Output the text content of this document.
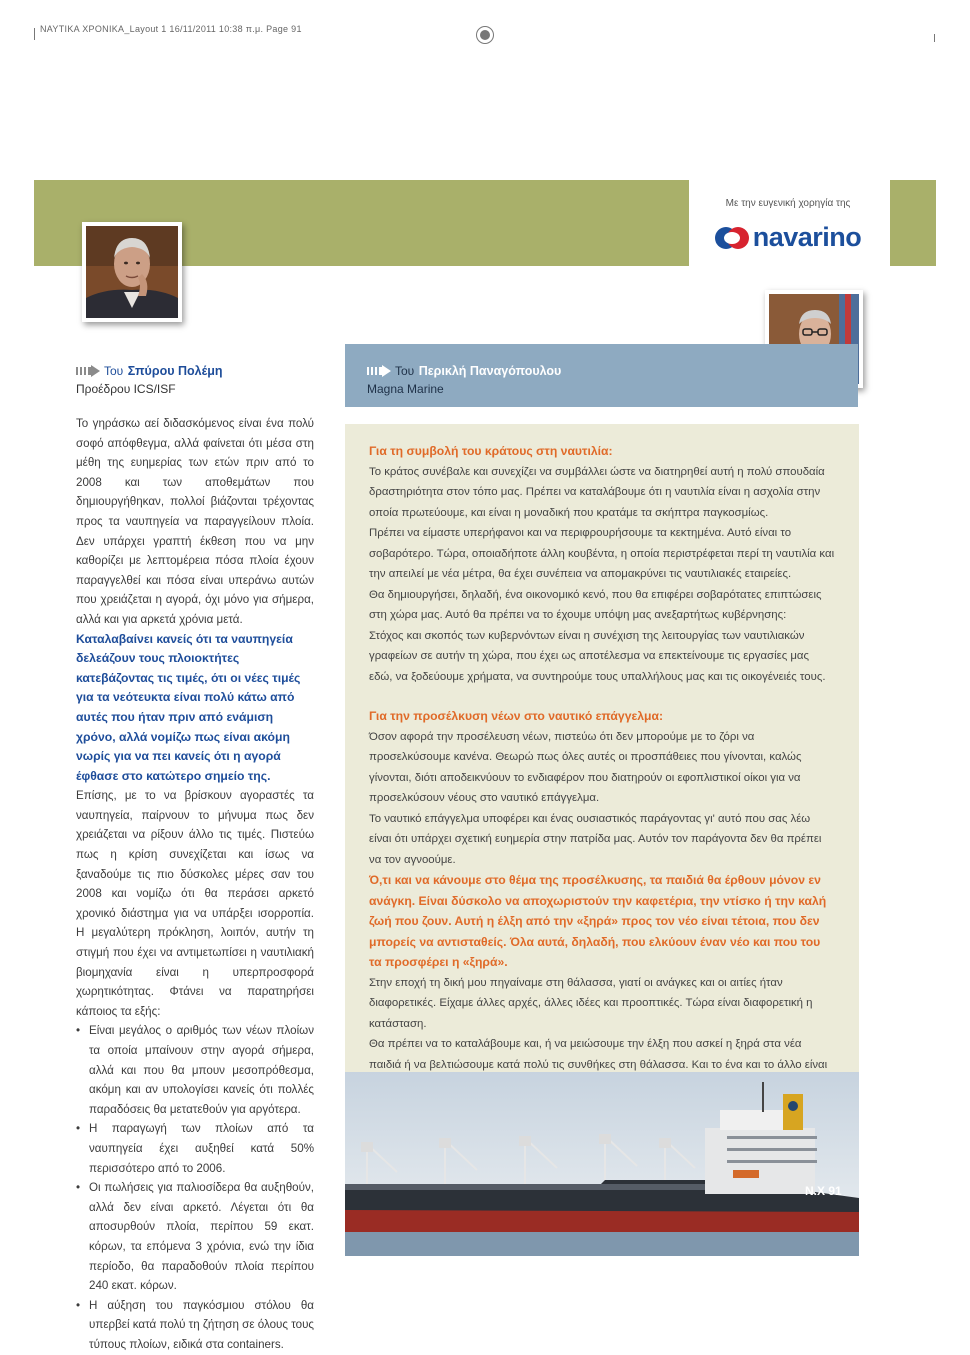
ΝΑΥΤΙΚΑ ΧΡΟΝΙΚΑ_Layout 1 16/11/2011 10:38 π.μ. Page 91
Με την ευγενική χορηγία της
navarino
Του Σπύρου Πολέμη
Προέδρου ICS/ISF

Το γηράσκω αεί διδασκόμενος είναι ένα πολύ σοφό απόφθεγμα, αλλά φαίνεται ότι μέσα στη μέθη της ευημερίας των ετών πριν από το 2008 και των αποθεμάτων που δημιουργήθηκαν, πολλοί βιάζονται τρέχοντας προς τα ναυπηγεία να παραγγείλουν πλοία. Δεν υπάρχει γραπτή έκθεση που να μην καθορίζει με λεπτομέρεια πόσα πλοία έχουν παραγγελθεί και πόσα είναι υπεράνω αυτών που χρειάζεται η αγορά, όχι μόνο για σήμερα, αλλά και για αρκετά χρόνια μετά.

Καταλαβαίνει κανείς ότι τα ναυπηγεία δελεάζουν τους πλοιοκτήτες κατεβάζοντας τις τιμές, ότι οι νέες τιμές για τα νεότευκτα είναι πολύ κάτω από αυτές που ήταν πριν από ενάμιση χρόνο, αλλά νομίζω πως είναι ακόμη νωρίς για να πει κανείς ότι η αγορά έφθασε στο κατώτερο σημείο της.

Επίσης, με το να βρίσκουν αγοραστές τα ναυπηγεία, παίρνουν το μήνυμα πως δεν χρειάζεται να ρίξουν άλλο τις τιμές. Πιστεύω πως η κρίση συνεχίζεται και ίσως να ξαναδούμε τις πιο δύσκολες μέρες σαν του 2008 και νομίζω ότι θα περάσει αρκετό χρονικό διάστημα για να υπάρξει ισορροπία. Η μεγαλύτερη πρόκληση, λοιπόν, αυτήν τη στιγμή που έχει να αντιμετωπίσει η ναυτιλιακή βιομηχανία είναι η υπερπροσφορά χωρητικότητας. Φτάνει να παρατηρήσει κάποιος τα εξής:

• Είναι μεγάλος ο αριθμός των νέων πλοίων τα οποία μπαίνουν στην αγορά σήμερα, αλλά και που θα μπουν μεσοπρόθεσμα, ακόμη και αν υπολογίσει κανείς ότι πολλές παραδόσεις θα μετατεθούν για αργότερα.
• Η παραγωγή των πλοίων από τα ναυπηγεία έχει αυξηθεί κατά 50% περισσότερο από το 2006.
• Οι πωλήσεις για παλιοσίδερα θα αυξηθούν, αλλά δεν είναι αρκετό. Λέγεται ότι θα αποσυρθούν πλοία, περίπου 59 εκατ. κόρων, τα επόμενα 3 χρόνια, ενώ την ίδια περίοδο, θα παραδοθούν πλοία περίπου 240 εκατ. κόρων.
• Η αύξηση του παγκόσμιου στόλου θα υπερβεί κατά πολύ τη ζήτηση σε όλους τους τύπους πλοίων, ειδικά στα containers.
Του Περικλή Παναγόπουλου
Magna Marine
Για τη συμβολή του κράτους στη ναυτιλία:

Το κράτος συνέβαλε και συνεχίζει να συμβάλλει ώστε να διατηρηθεί αυτή η πολύ σπουδαία δραστηριότητα στον τόπο μας. Πρέπει να καταλάβουμε ότι η ναυτιλία είναι η ασχολία στην οποία πρωτεύουμε, και είναι η μοναδική που κρατάμε τα σκήπτρα παγκοσμίως.

Πρέπει να είμαστε υπερήφανοι και να περιφρουρήσουμε τα κεκτημένα. Αυτό είναι το σοβαρότερο. Τώρα, οποιαδήποτε άλλη κουβέντα, η οποία περιστρέφεται περί τη ναυτιλία και την απειλεί με νέα μέτρα, θα έχει συνέπεια να απομακρύνει τις ναυτιλιακές εταιρείες.

Θα δημιουργήσει, δηλαδή, ένα οικονομικό κενό, που θα επιφέρει σοβαρότατες επιπτώσεις στη χώρα μας. Αυτό θα πρέπει να το έχουμε υπόψη μας ανεξαρτήτως κυβέρνησης:

Στόχος και σκοπός των κυβερνόντων είναι η συνέχιση της λειτουργίας των ναυτιλιακών γραφείων σε αυτήν τη χώρα, που έχει ως αποτέλεσμα να επεκτείνουμε τις εργασίες μας εδώ, να ξοδεύουμε χρήματα, να συντηρούμε τους υπαλλήλους μας και τις οικογένειές τους.

Για την προσέλκυση νέων στο ναυτικό επάγγελμα:

Όσον αφορά την προσέλευση νέων, πιστεύω ότι δεν μπορούμε με το ζόρι να προσελκύσουμε κανένα. Θεωρώ πως όλες αυτές οι προσπάθειες που γίνονται, καλώς γίνονται, διότι αποδεικνύουν το ενδιαφέρον που διατηρούν οι εφοπλιστικοί οίκοι για να προσελκύσουν νέους στο ναυτικό επάγγελμα.

Το ναυτικό επάγγελμα υποφέρει και ένας ουσιαστικός παράγοντας γι' αυτό που σας λέω είναι ότι υπάρχει σχετική ευημερία στην πατρίδα μας. Αυτόν τον παράγοντα δεν θα πρέπει να τον αγνοούμε.

Ό,τι και να κάνουμε στο θέμα της προσέλκυσης, τα παιδιά θα έρθουν μόνον εν ανάγκη. Είναι δύσκολο να αποχωριστούν την καφετέρια, την ντίσκο ή την καλή ζωή που ζουν. Αυτή η έλξη από την «ξηρά» προς τον νέο είναι τέτοια, που δεν μπορείς να αντισταθείς. Όλα αυτά, δηλαδή, που ελκύουν έναν νέο και που του τα προσφέρει η «ξηρά».

Στην εποχή τη δική μου πηγαίναμε στη θάλασσα, γιατί οι ανάγκες και οι αιτίες ήταν διαφορετικές. Είχαμε άλλες αρχές, άλλες ιδέες και προοπτικές. Τώρα είναι διαφορετική η κατάσταση.

Θα πρέπει να το καταλάβουμε και, ή να μειώσουμε την έλξη που ασκεί η ξηρά στα νέα παιδιά ή να βελτιώσουμε κατά πολύ τις συνθήκες στη θάλασσα. Και το ένα και το άλλο είναι

Ν.Χ 91
